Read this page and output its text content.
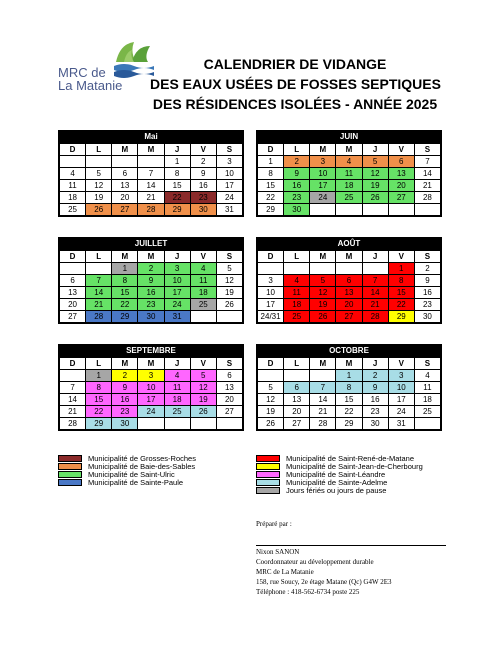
MRC de
La Matanie
CALENDRIER DE VIDANGE
DES EAUX USÉES DE FOSSES SEPTIQUES
DES RÉSIDENCES ISOLÉES - ANNÉE 2025
Mai
D	L	M	M	J	V	S
				1	2	3
4	5	6	7	8	9	10
11	12	13	14	15	16	17
18	19	20	21	22	23	24
25	26	27	28	29	30	31
JUIN
D	L	M	M	J	V	S
1	2	3	4	5	6	7
8	9	10	11	12	13	14
15	16	17	18	19	20	21
22	23	24	25	26	27	28
29	30					
JUILLET
D	L	M	M	J	V	S
		1	2	3	4	5
6	7	8	9	10	11	12
13	14	15	16	17	18	19
20	21	22	23	24	25	26
27	28	29	30	31		
AOÛT
D	L	M	M	J	V	S
					1	2
3	4	5	6	7	8	9
10	11	12	13	14	15	16
17	18	19	20	21	22	23
24/31	25	26	27	28	29	30
SEPTEMBRE
D	L	M	M	J	V	S
	1	2	3	4	5	6
7	8	9	10	11	12	13
14	15	16	17	18	19	20
21	22	23	24	25	26	27
28	29	30				
OCTOBRE
D	L	M	M	J	V	S
			1	2	3	4
5	6	7	8	9	10	11
12	13	14	15	16	17	18
19	20	21	22	23	24	25
26	27	28	29	30	31	
Municipalité de Grosses-Roches
Municipalité de Baie-des-Sables
Municipalité de Saint-Ulric
Municipalité de Sainte-Paule
Municipalité de Saint-René-de-Matane
Municipalité de Saint-Jean-de-Cherbourg
Municipalité de Saint-Léandre
Municipalité de Sainte-Adelme
Jours fériés ou jours de pause
Préparé par :
Nixon SANON
Coordonnateur au développement durable
MRC de La Matanie
158, rue Soucy, 2e étage Matane (Qc) G4W 2E3
Téléphone : 418-562-6734 poste 225
